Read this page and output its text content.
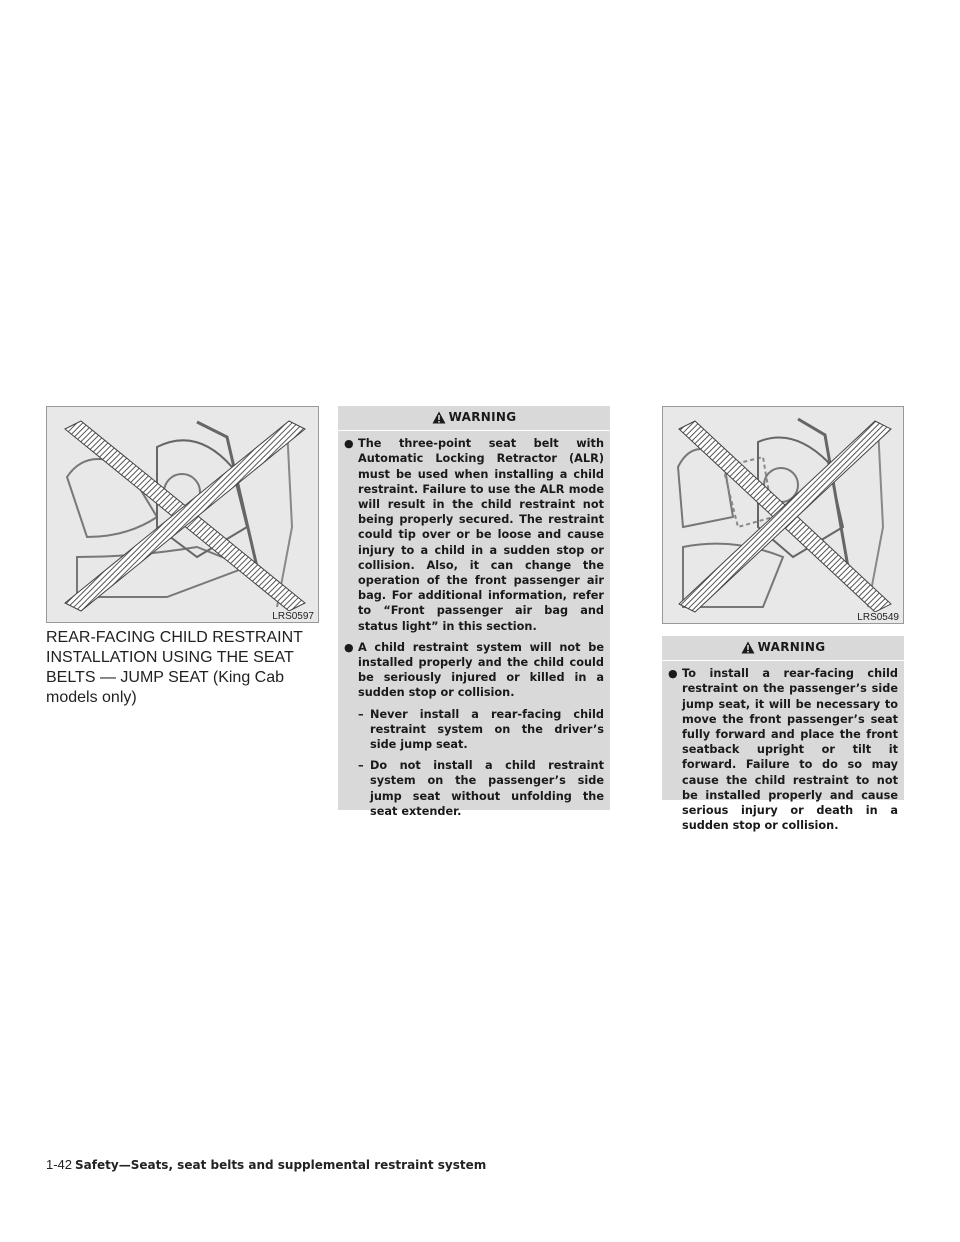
LRS0597
REAR-FACING CHILD RESTRAINT INSTALLATION USING THE SEAT BELTS — JUMP SEAT (King Cab models only)
WARNING
● The three-point seat belt with Automatic Locking Retractor (ALR) must be used when installing a child restraint. Failure to use the ALR mode will result in the child restraint not being properly secured. The restraint could tip over or be loose and cause injury to a child in a sudden stop or collision. Also, it can change the operation of the front passenger air bag. For additional information, refer to “Front passenger air bag and status light” in this section.
● A child restraint system will not be installed properly and the child could be seriously injured or killed in a sudden stop or collision.
– Never install a rear-facing child restraint system on the driver’s side jump seat.
– Do not install a child restraint system on the passenger’s side jump seat without unfolding the seat extender.
LRS0549
WARNING
● To install a rear-facing child restraint on the passenger’s side jump seat, it will be necessary to move the front passenger’s seat fully forward and place the front seatback upright or tilt it forward. Failure to do so may cause the child restraint to not be installed properly and cause serious injury or death in a sudden stop or collision.
1-42 Safety—Seats, seat belts and supplemental restraint system
